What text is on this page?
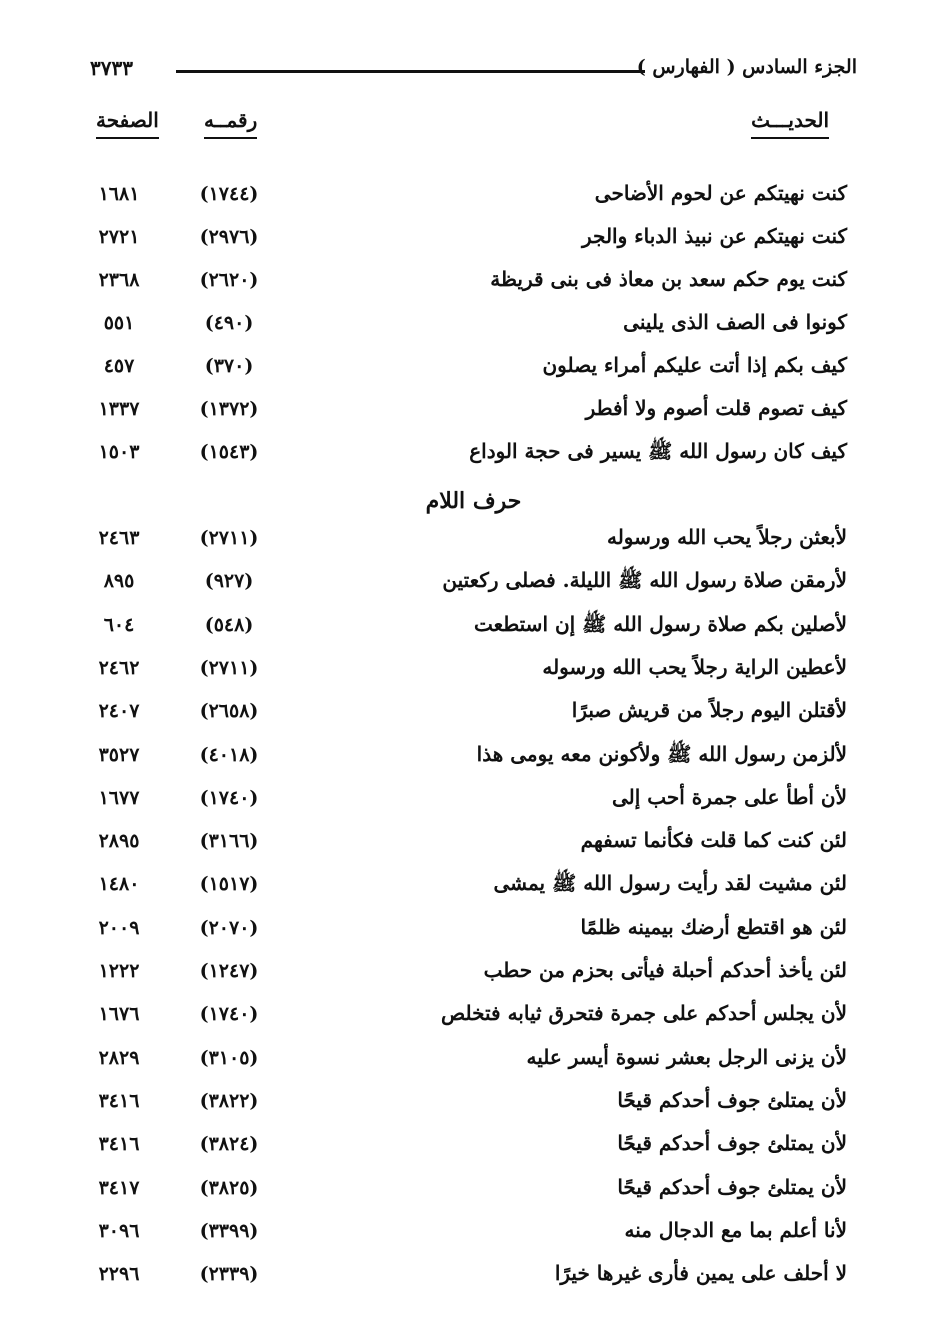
الجزء السادس ( الفهارس )
٣٧٣٣
الحديـــث
رقمــه
الصفحة
كنت نهيتكم عن لحوم الأضاحى
(١٧٤٤)
١٦٨١
كنت نهيتكم عن نبيذ الدباء والجر
(٢٩٧٦)
٢٧٢١
كنت يوم حكم سعد بن معاذ فى بنى قريظة
(٢٦٢٠)
٢٣٦٨
كونوا فى الصف الذى يلينى
(٤٩٠)
٥٥١
كيف بكم إذا أتت عليكم أمراء يصلون
(٣٧٠)
٤٥٧
كيف تصوم قلت أصوم ولا أفطر
(١٣٧٢)
١٣٣٧
كيف كان رسول الله ﷺ يسير فى حجة الوداع
(١٥٤٣)
١٥٠٣
حرف اللام
لأبعثن رجلاً يحب الله ورسوله
(٢٧١١)
٢٤٦٣
لأرمقن صلاة رسول الله ﷺ الليلة. فصلى ركعتين
(٩٢٧)
٨٩٥
لأصلين بكم صلاة رسول الله ﷺ إن استطعت
(٥٤٨)
٦٠٤
لأعطين الراية رجلاً يحب الله ورسوله
(٢٧١١)
٢٤٦٢
لأقتلن اليوم رجلاً من قريش صبرًا
(٢٦٥٨)
٢٤٠٧
لألزمن رسول الله ﷺ ولأكونن معه يومى هذا
(٤٠١٨)
٣٥٢٧
لأن أطأ على جمرة أحب إلى
(١٧٤٠)
١٦٧٧
لئن كنت كما قلت فكأنما تسفهم
(٣١٦٦)
٢٨٩٥
لئن مشيت لقد رأيت رسول الله ﷺ يمشى
(١٥١٧)
١٤٨٠
لئن هو اقتطع أرضك بيمينه ظلمًا
(٢٠٧٠)
٢٠٠٩
لئن يأخذ أحدكم أحبلة فيأتى بحزم من حطب
(١٢٤٧)
١٢٢٢
لأن يجلس أحدكم على جمرة فتحرق ثيابه فتخلص
(١٧٤٠)
١٦٧٦
لأن يزنى الرجل بعشر نسوة أيسر عليه
(٣١٠٥)
٢٨٢٩
لأن يمتلئ جوف أحدكم قيحًا
(٣٨٢٢)
٣٤١٦
لأن يمتلئ جوف أحدكم قيحًا
(٣٨٢٤)
٣٤١٦
لأن يمتلئ جوف أحدكم قيحًا
(٣٨٢٥)
٣٤١٧
لأنا أعلم بما مع الدجال منه
(٣٣٩٩)
٣٠٩٦
لا أحلف على يمين فأرى غيرها خيرًا
(٢٣٣٩)
٢٢٩٦
